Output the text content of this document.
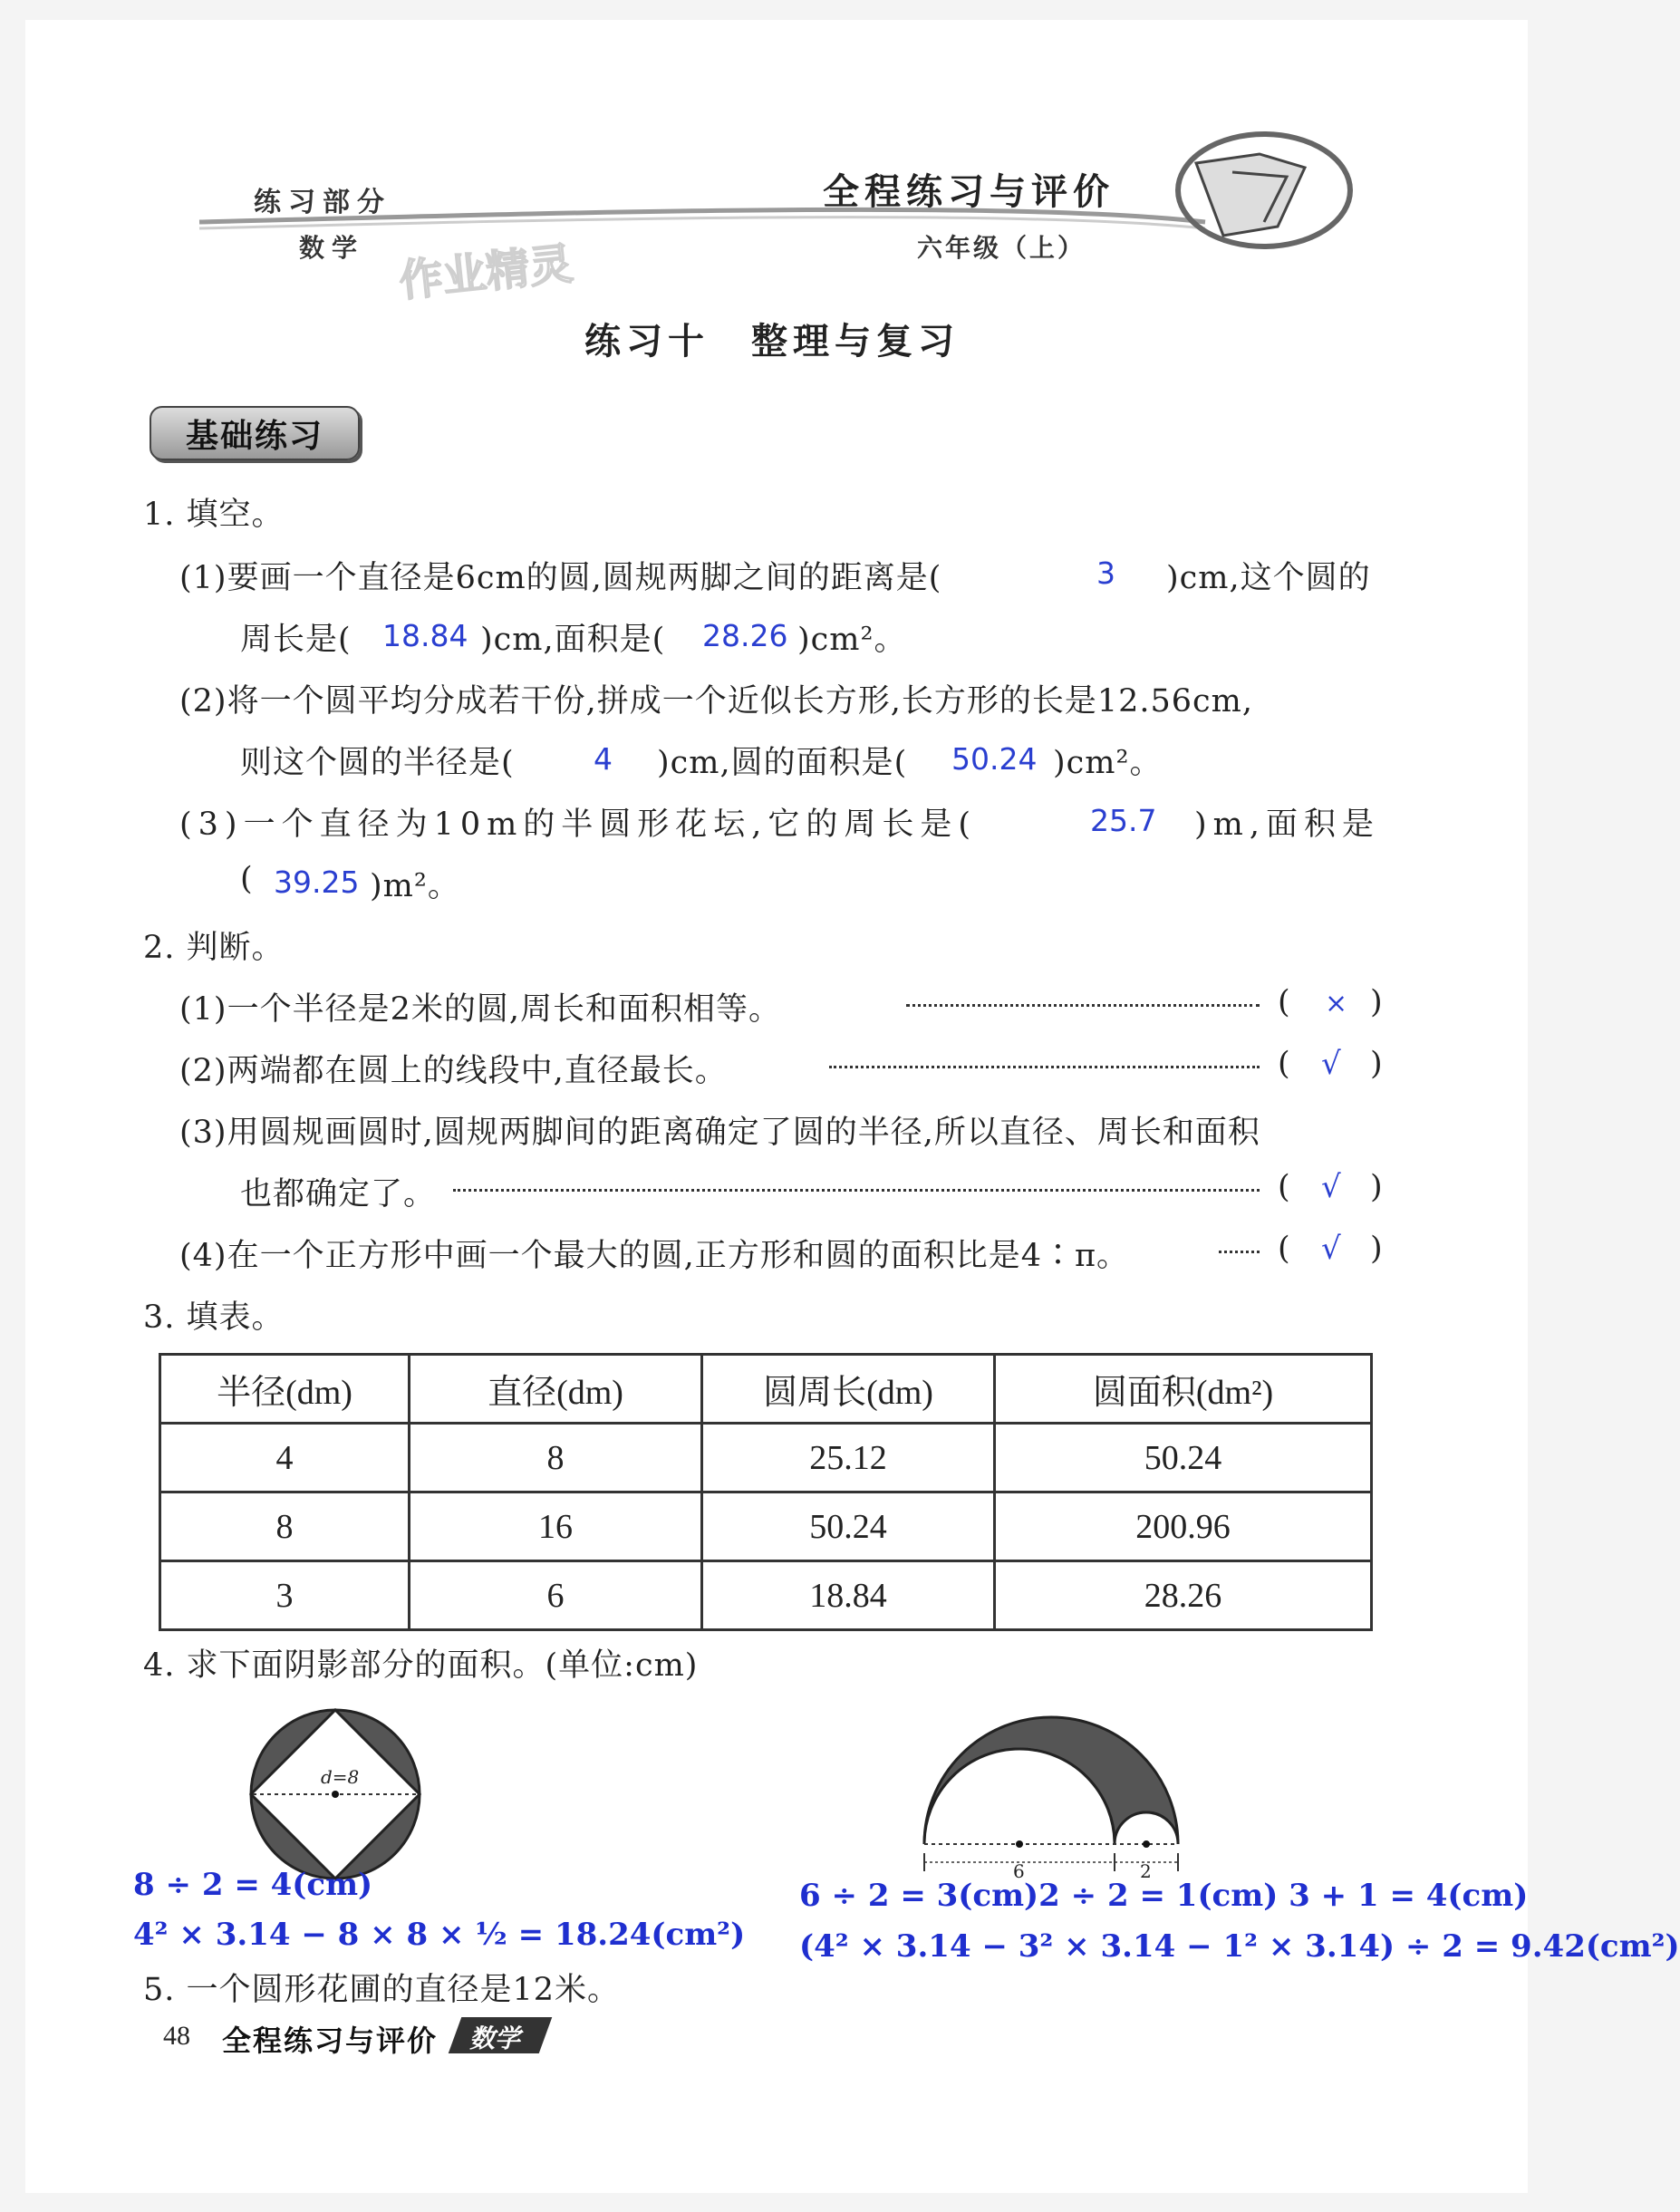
练习部分
数学
全程练习与评价
六年级（上）
作业精灵
练习十　整理与复习
基础练习
1. 填空。
(1)要画一个直径是6cm的圆,圆规两脚之间的距离是(	3 )cm,这个圆的
周长是( 18.84 )cm,面积是( 28.26 )cm²。
(2)将一个圆平均分成若干份,拼成一个近似长方形,长方形的长是12.56cm,
则这个圆的半径是(	4 )cm,圆的面积是( 50.24 )cm²。
(3)一个直径为10m的半圆形花坛,它的周长是(	25.7 )m,面积是
( 39.25 )m²。
2. 判断。
(1)一个半径是2米的圆,周长和面积相等。	( × )
(2)两端都在圆上的线段中,直径最长。	( √ )
(3)用圆规画圆时,圆规两脚间的距离确定了圆的半径,所以直径、周长和面积
也都确定了。	( √ )
(4)在一个正方形中画一个最大的圆,正方形和圆的面积比是4∶π。	( √ )
3. 填表。
半径(dm)	直径(dm)	圆周长(dm)	圆面积(dm²)
4	8	25.12	50.24
8	16	50.24	200.96
3	6	18.84	28.26
4. 求下面阴影部分的面积。(单位:cm)
d=8
6	2
8 ÷ 2 = 4(cm)
4² × 3.14 − 8 × 8 × ½ = 18.24(cm²)
6 ÷ 2 = 3(cm)2 ÷ 2 = 1(cm) 3 + 1 = 4(cm)
(4² × 3.14 − 3² × 3.14 − 1² × 3.14) ÷ 2 = 9.42(cm²)
5. 一个圆形花圃的直径是12米。
48 全程练习与评价 数学
